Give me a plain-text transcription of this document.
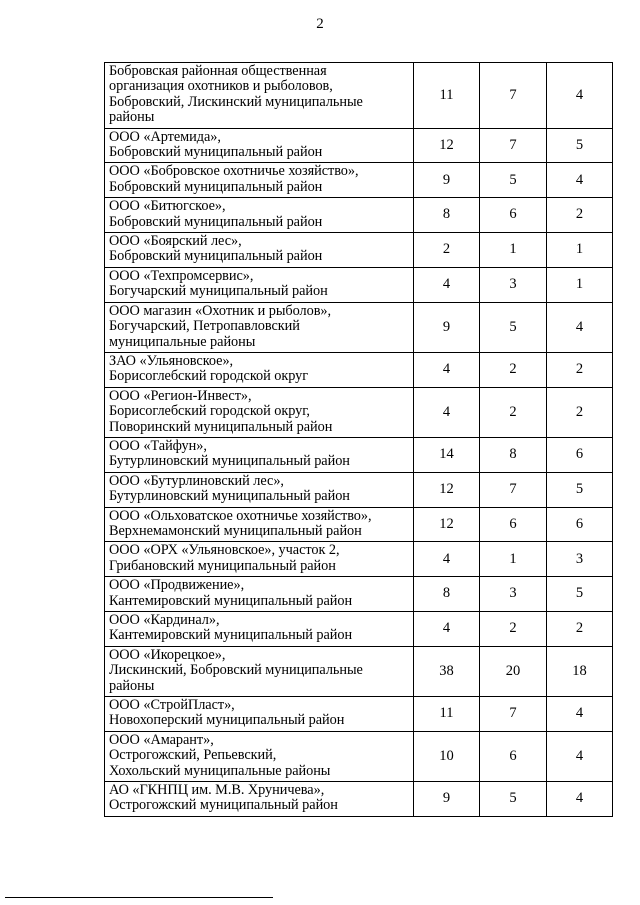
2
Бобровская районная общественная
организация охотников и рыболовов,
Бобровский, Лискинский муниципальные
районы	11	7	4
ООО «Артемида»,
Бобровский муниципальный район	12	7	5
ООО «Бобровское охотничье хозяйство»,
Бобровский муниципальный район	9	5	4
ООО «Битюгское»,
Бобровский муниципальный район	8	6	2
ООО «Боярский лес»,
Бобровский муниципальный район	2	1	1
ООО «Техпромсервис»,
Богучарский муниципальный район	4	3	1
ООО магазин «Охотник и рыболов»,
Богучарский, Петропавловский
муниципальные районы	9	5	4
ЗАО «Ульяновское»,
Борисоглебский городской округ	4	2	2
ООО «Регион-Инвест»,
Борисоглебский городской округ,
Поворинский муниципальный район	4	2	2
ООО «Тайфун»,
Бутурлиновский муниципальный район	14	8	6
ООО «Бутурлиновский лес»,
Бутурлиновский муниципальный район	12	7	5
ООО «Ольховатское охотничье хозяйство»,
Верхнемамонский муниципальный район	12	6	6
ООО «ОРХ «Ульяновское», участок 2,
Грибановский муниципальный район	4	1	3
ООО «Продвижение»,
Кантемировский муниципальный район	8	3	5
ООО «Кардинал»,
Кантемировский муниципальный район	4	2	2
ООО «Икорецкое»,
Лискинский, Бобровский муниципальные
районы	38	20	18
ООО «СтройПласт»,
Новохоперский муниципальный район	11	7	4
ООО «Амарант»,
Острогожский, Репьевский,
Хохольский муниципальные районы	10	6	4
АО «ГКНПЦ им. М.В. Хруничева»,
Острогожский муниципальный район	9	5	4
